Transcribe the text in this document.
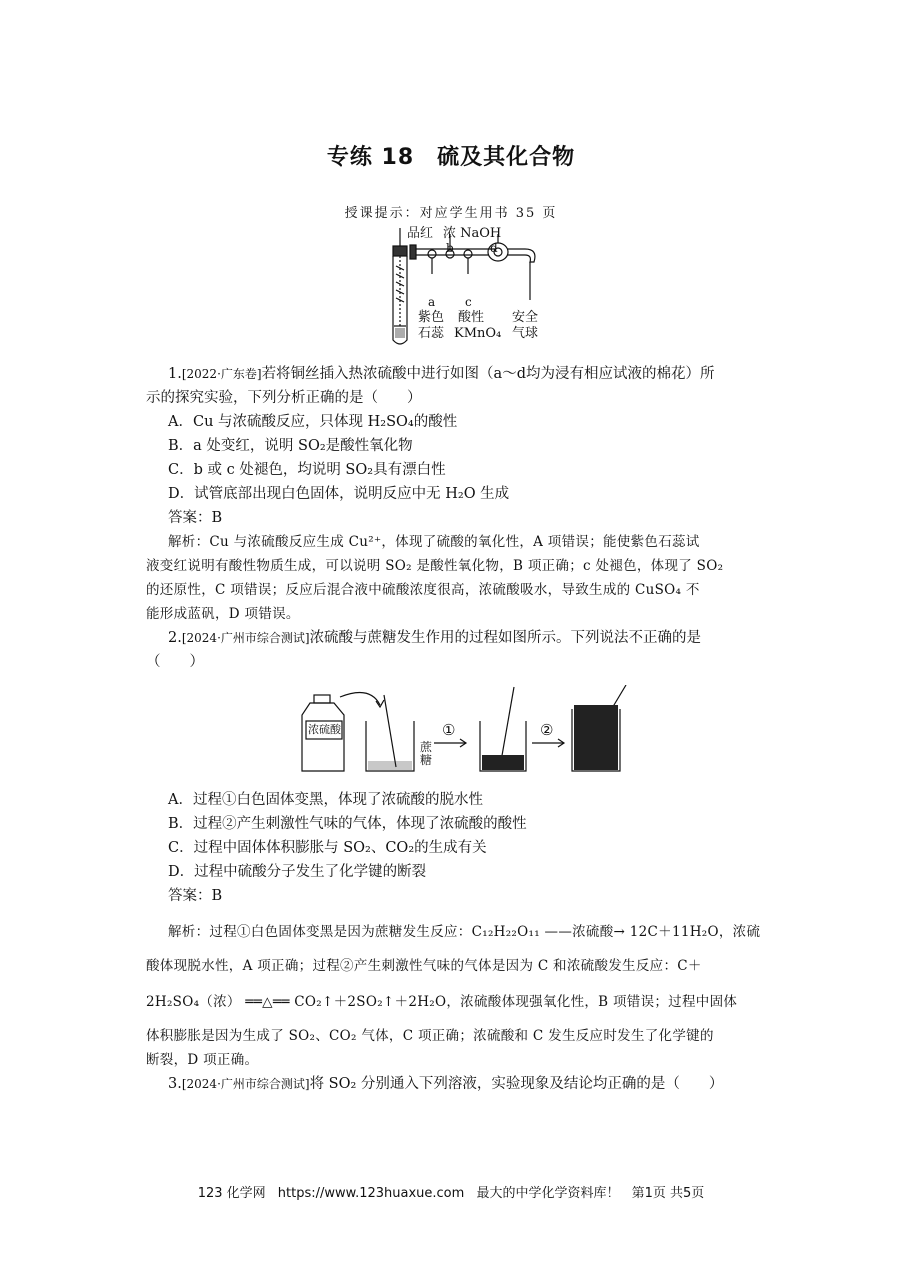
专练 18　硫及其化合物
授课提示：对应学生用书 35 页
品红 浓 NaOH
b	d
a c
紫色
石蕊
酸性
KMnO₄
安全
气球

1.[2022·广东卷]若将铜丝插入热浓硫酸中进行如图（a～d均为浸有相应试液的棉花）所

示的探究实验，下列分析正确的是（　　）

A．Cu 与浓硫酸反应，只体现 H₂SO₄的酸性

B．a 处变红，说明 SO₂是酸性氧化物

C．b 或 c 处褪色，均说明 SO₂具有漂白性

D．试管底部出现白色固体，说明反应中无 H₂O 生成

答案：B

解析：Cu 与浓硫酸反应生成 Cu²⁺，体现了硫酸的氧化性，A 项错误；能使紫色石蕊试

液变红说明有酸性物质生成，可以说明 SO₂ 是酸性氧化物，B 项正确；c 处褪色，体现了 SO₂

的还原性，C 项错误；反应后混合液中硫酸浓度很高，浓硫酸吸水，导致生成的 CuSO₄ 不

能形成蓝矾，D 项错误。

2.[2024·广州市综合测试]浓硫酸与蔗糖发生作用的过程如图所示。下列说法不正确的是

（　　）

浓硫酸
蔗糖
①	②

A．过程①白色固体变黑，体现了浓硫酸的脱水性

B．过程②产生刺激性气味的气体，体现了浓硫酸的酸性

C．过程中固体体积膨胀与 SO₂、CO₂的生成有关

D．过程中硫酸分子发生了化学键的断裂

答案：B

解析：过程①白色固体变黑是因为蔗糖发生反应：C₁₂H₂₂O₁₁ ——浓硫酸→ 12C＋11H₂O，浓硫

酸体现脱水性，A 项正确；过程②产生刺激性气味的气体是因为 C 和浓硫酸发生反应：C＋

2H₂SO₄（浓） ══△══ CO₂↑＋2SO₂↑＋2H₂O，浓硫酸体现强氧化性，B 项错误；过程中固体

体积膨胀是因为生成了 SO₂、CO₂ 气体，C 项正确；浓硫酸和 C 发生反应时发生了化学键的

断裂，D 项正确。

3.[2024·广州市综合测试]将 SO₂ 分别通入下列溶液，实验现象及结论均正确的是（　　）

123 化学网 https://www.123huaxue.com 最大的中学化学资料库！ 第1页 共5页
